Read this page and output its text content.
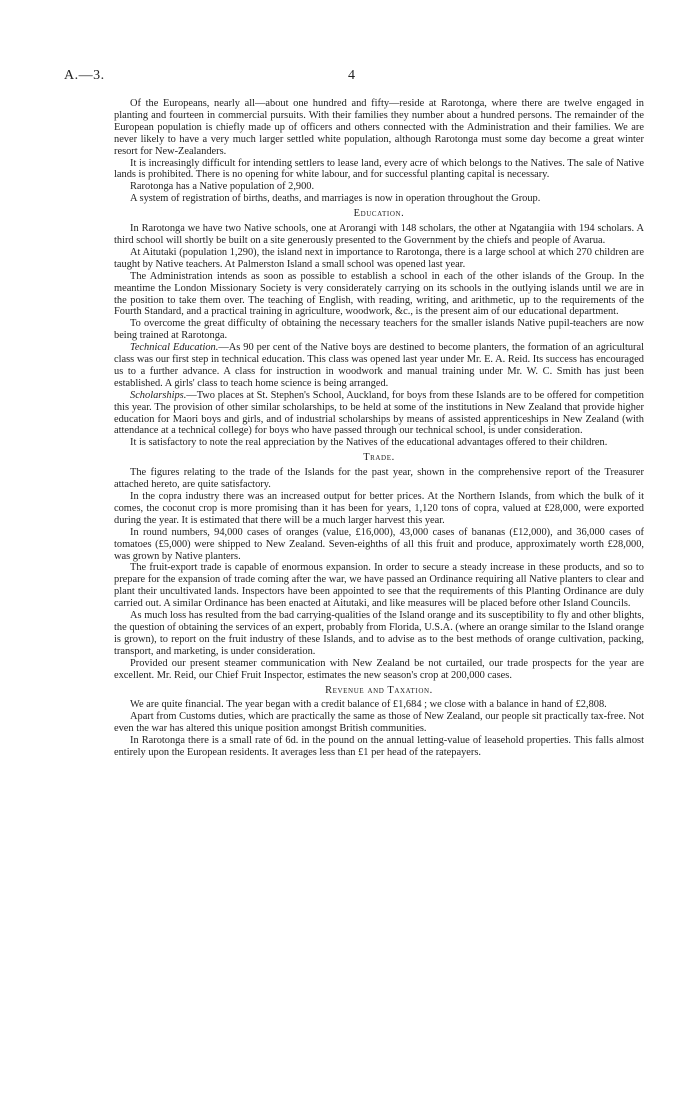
A.—3.	4

Of the Europeans, nearly all—about one hundred and fifty—reside at Rarotonga, where there are twelve engaged in planting and fourteen in commercial pursuits. With their families they number about a hundred persons. The remainder of the European population is chiefly made up of officers and others connected with the Administration and their families. We are never likely to have a very much larger settled white population, although Rarotonga must some day become a great winter resort for New-Zealanders.

It is increasingly difficult for intending settlers to lease land, every acre of which belongs to the Natives. The sale of Native lands is prohibited. There is no opening for white labour, and for successful planting capital is necessary.

Rarotonga has a Native population of 2,900.

A system of registration of births, deaths, and marriages is now in operation throughout the Group.

Education.

In Rarotonga we have two Native schools, one at Arorangi with 148 scholars, the other at Ngatangiia with 194 scholars. A third school will shortly be built on a site generously presented to the Government by the chiefs and people of Avarua.

At Aitutaki (population 1,290), the island next in importance to Rarotonga, there is a large school at which 270 children are taught by Native teachers. At Palmerston Island a small school was opened last year.

The Administration intends as soon as possible to establish a school in each of the other islands of the Group. In the meantime the London Missionary Society is very considerately carrying on its schools in the outlying islands until we are in the position to take them over. The teaching of English, with reading, writing, and arithmetic, up to the requirements of the Fourth Standard, and a practical training in agriculture, woodwork, &c., is the present aim of our educational department.

To overcome the great difficulty of obtaining the necessary teachers for the smaller islands Native pupil-teachers are now being trained at Rarotonga.

Technical Education.—As 90 per cent of the Native boys are destined to become planters, the formation of an agricultural class was our first step in technical education. This class was opened last year under Mr. E. A. Reid. Its success has encouraged us to a further advance. A class for instruction in woodwork and manual training under Mr. W. C. Smith has just been established. A girls' class to teach home science is being arranged.

Scholarships.—Two places at St. Stephen's School, Auckland, for boys from these Islands are to be offered for competition this year. The provision of other similar scholarships, to be held at some of the institutions in New Zealand that provide higher education for Maori boys and girls, and of industrial scholarships by means of assisted apprenticeships in New Zealand (with attendance at a technical college) for boys who have passed through our technical school, is under consideration.

It is satisfactory to note the real appreciation by the Natives of the educational advantages offered to their children.

Trade.

The figures relating to the trade of the Islands for the past year, shown in the comprehensive report of the Treasurer attached hereto, are quite satisfactory.

In the copra industry there was an increased output for better prices. At the Northern Islands, from which the bulk of it comes, the coconut crop is more promising than it has been for years, 1,120 tons of copra, valued at £28,000, were exported during the year. It is estimated that there will be a much larger harvest this year.

In round numbers, 94,000 cases of oranges (value, £16,000), 43,000 cases of bananas (£12,000), and 36,000 cases of tomatoes (£5,000) were shipped to New Zealand. Seven-eighths of all this fruit and produce, approximately worth £28,000, was grown by Native planters.

The fruit-export trade is capable of enormous expansion. In order to secure a steady increase in these products, and so to prepare for the expansion of trade coming after the war, we have passed an Ordinance requiring all Native planters to clear and plant their uncultivated lands. Inspectors have been appointed to see that the requirements of this Planting Ordinance are duly carried out. A similar Ordinance has been enacted at Aitutaki, and like measures will be placed before other Island Councils.

As much loss has resulted from the bad carrying-qualities of the Island orange and its susceptibility to fly and other blights, the question of obtaining the services of an expert, probably from Florida, U.S.A. (where an orange similar to the Island orange is grown), to report on the fruit industry of these Islands, and to advise as to the best methods of orange cultivation, packing, transport, and marketing, is under consideration.

Provided our present steamer communication with New Zealand be not curtailed, our trade prospects for the year are excellent. Mr. Reid, our Chief Fruit Inspector, estimates the new season's crop at 200,000 cases.

Revenue and Taxation.

We are quite financial. The year began with a credit balance of £1,684 ; we close with a balance in hand of £2,808.

Apart from Customs duties, which are practically the same as those of New Zealand, our people sit practically tax-free. Not even the war has altered this unique position amongst British communities.

In Rarotonga there is a small rate of 6d. in the pound on the annual letting-value of leasehold properties. This falls almost entirely upon the European residents. It averages less than £1 per head of the ratepayers.
